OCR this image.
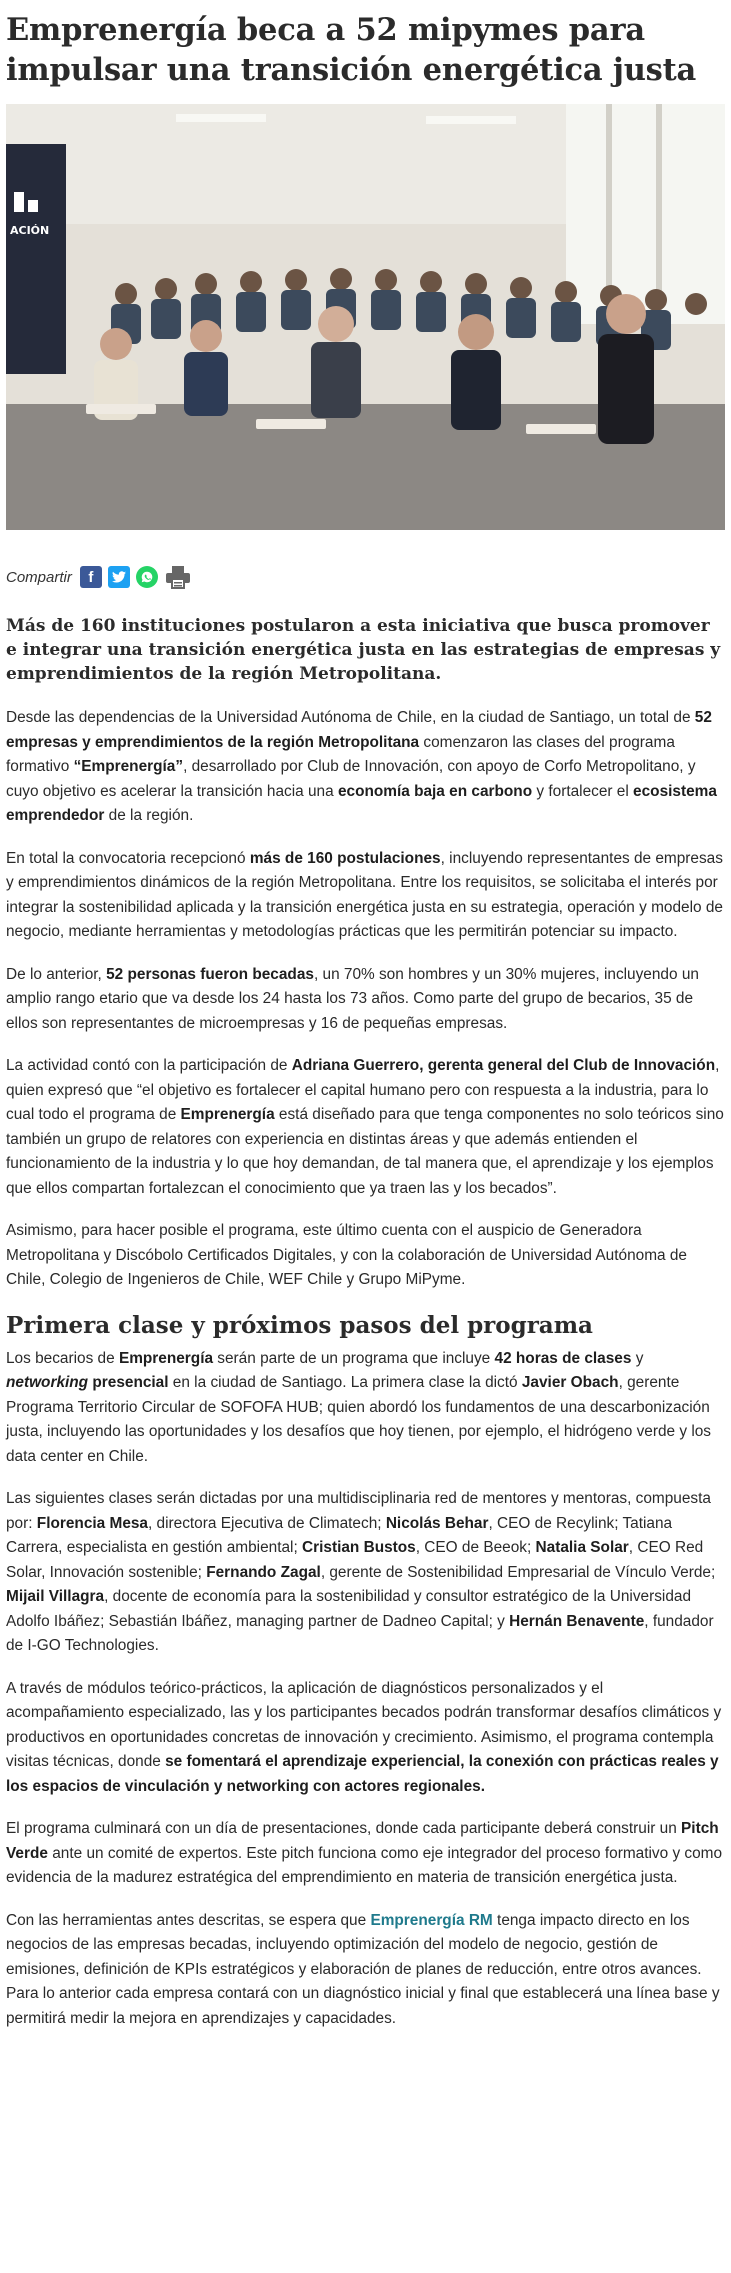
Emprenergía beca a 52 mipymes para impulsar una transición energética justa
ACIÓN
Compartir	f

Más de 160 instituciones postularon a esta iniciativa que busca promover e integrar una transición energética justa en las estrategias de empresas y emprendimientos de la región Metropolitana.

Desde las dependencias de la Universidad Autónoma de Chile, en la ciudad de Santiago, un total de 52 empresas y emprendimientos de la región Metropolitana comenzaron las clases del programa formativo “Emprenergía”, desarrollado por Club de Innovación, con apoyo de Corfo Metropolitano, y cuyo objetivo es acelerar la transición hacia una economía baja en carbono y fortalecer el ecosistema emprendedor de la región.

En total la convocatoria recepcionó más de 160 postulaciones, incluyendo representantes de empresas y emprendimientos dinámicos de la región Metropolitana. Entre los requisitos, se solicitaba el interés por integrar la sostenibilidad aplicada y la transición energética justa en su estrategia, operación y modelo de negocio, mediante herramientas y metodologías prácticas que les permitirán potenciar su impacto.

De lo anterior, 52 personas fueron becadas, un 70% son hombres y un 30% mujeres, incluyendo un amplio rango etario que va desde los 24 hasta los 73 años. Como parte del grupo de becarios, 35 de ellos son representantes de microempresas y 16 de pequeñas empresas.

La actividad contó con la participación de Adriana Guerrero, gerenta general del Club de Innovación, quien expresó que “el objetivo es fortalecer el capital humano pero con respuesta a la industria, para lo cual todo el programa de Emprenergía está diseñado para que tenga componentes no solo teóricos sino también un grupo de relatores con experiencia en distintas áreas y que además entienden el funcionamiento de la industria y lo que hoy demandan, de tal manera que, el aprendizaje y los ejemplos que ellos compartan fortalezcan el conocimiento que ya traen las y los becados”.

Asimismo, para hacer posible el programa, este último cuenta con el auspicio de Generadora Metropolitana y Discóbolo Certificados Digitales, y con la colaboración de Universidad Autónoma de Chile, Colegio de Ingenieros de Chile, WEF Chile y Grupo MiPyme.

Primera clase y próximos pasos del programa

Los becarios de Emprenergía serán parte de un programa que incluye 42 horas de clases y networking presencial en la ciudad de Santiago. La primera clase la dictó Javier Obach, gerente Programa Territorio Circular de SOFOFA HUB; quien abordó los fundamentos de una descarbonización justa, incluyendo las oportunidades y los desafíos que hoy tienen, por ejemplo, el hidrógeno verde y los data center en Chile.

Las siguientes clases serán dictadas por una multidisciplinaria red de mentores y mentoras, compuesta por: Florencia Mesa, directora Ejecutiva de Climatech; Nicolás Behar, CEO de Recylink; Tatiana Carrera, especialista en gestión ambiental; Cristian Bustos, CEO de Beeok; Natalia Solar, CEO Red Solar, Innovación sostenible; Fernando Zagal, gerente de Sostenibilidad Empresarial de Vínculo Verde; Mijail Villagra, docente de economía para la sostenibilidad y consultor estratégico de la Universidad Adolfo Ibáñez; Sebastián Ibáñez, managing partner de Dadneo Capital; y Hernán Benavente, fundador de I-GO Technologies.

A través de módulos teórico-prácticos, la aplicación de diagnósticos personalizados y el acompañamiento especializado, las y los participantes becados podrán transformar desafíos climáticos y productivos en oportunidades concretas de innovación y crecimiento. Asimismo, el programa contempla visitas técnicas, donde se fomentará el aprendizaje experiencial, la conexión con prácticas reales y los espacios de vinculación y networking con actores regionales.

El programa culminará con un día de presentaciones, donde cada participante deberá construir un Pitch Verde ante un comité de expertos. Este pitch funciona como eje integrador del proceso formativo y como evidencia de la madurez estratégica del emprendimiento en materia de transición energética justa.

Con las herramientas antes descritas, se espera que Emprenergía RM tenga impacto directo en los negocios de las empresas becadas, incluyendo optimización del modelo de negocio, gestión de emisiones, definición de KPIs estratégicos y elaboración de planes de reducción, entre otros avances. Para lo anterior cada empresa contará con un diagnóstico inicial y final que establecerá una línea base y permitirá medir la mejora en aprendizajes y capacidades.
